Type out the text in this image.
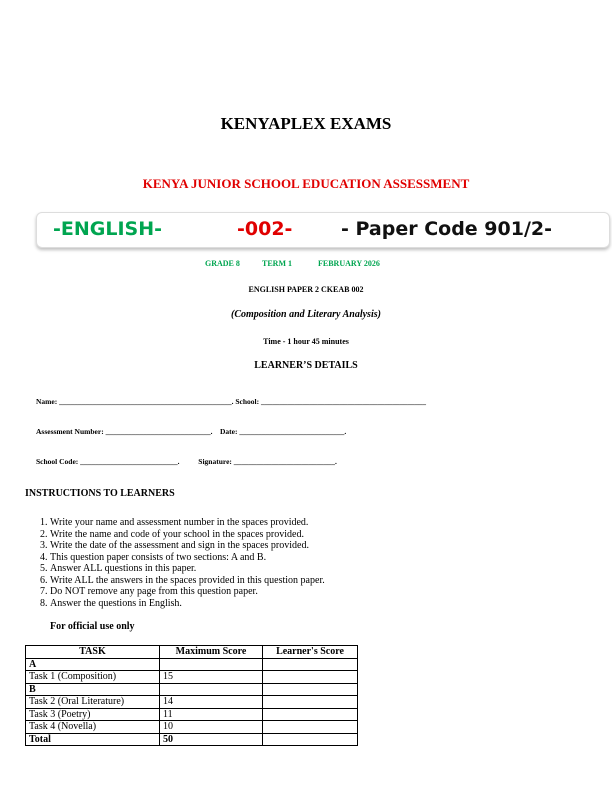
KENYAPLEX EXAMS
KENYA JUNIOR SCHOOL EDUCATION ASSESSMENT
-ENGLISH-	-002-	- Paper Code 901/2-
GRADE 8	TERM 1	FEBRUARY 2026
ENGLISH PAPER 2 CKEAB 002
(Composition and Literary Analysis)
Time - 1 hour 45 minutes
LEARNER’S DETAILS
Name: ______________________________________________. School: ____________________________________________
Assessment Number: ____________________________.    Date: ____________________________.
School Code: __________________________.          Signature: ___________________________.
INSTRUCTIONS TO LEARNERS
1. Write your name and assessment number in the spaces provided.
2. Write the name and code of your school in the spaces provided.
3. Write the date of the assessment and sign in the spaces provided.
4. This question paper consists of two sections: A and B.
5. Answer ALL questions in this paper.
6. Write ALL the answers in the spaces provided in this question paper.
7. Do NOT remove any page from this question paper.
8. Answer the questions in English.
For official use only
TASK	Maximum Score	Learner's Score
A		
Task 1 (Composition)	15	
B		
Task 2 (Oral Literature)	14	
Task 3 (Poetry)	11	
Task 4 (Novella)	10	
Total	50	
